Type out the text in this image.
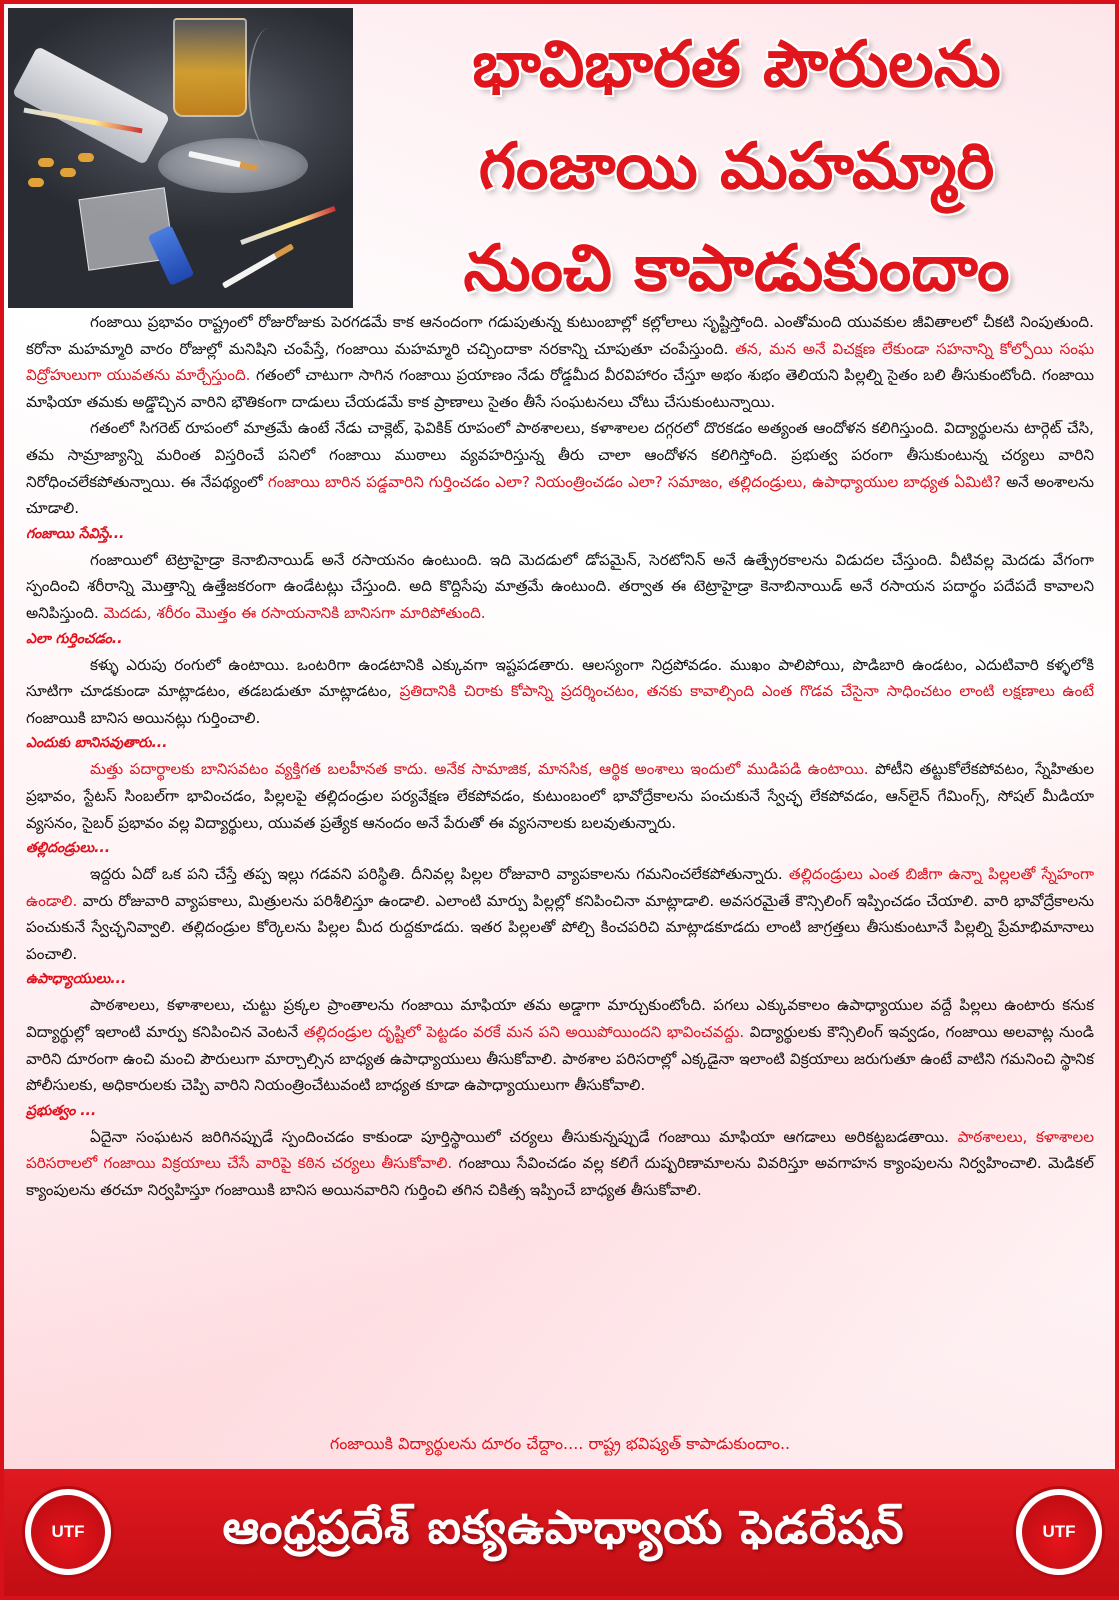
భావిభారత పౌరులను
గంజాయి మహమ్మారి
నుంచి కాపాడుకుందాం

గంజాయి ప్రభావం రాష్ట్రంలో రోజురోజుకు పెరగడమే కాక ఆనందంగా గడుపుతున్న కుటుంబాల్లో కల్లోలాలు సృష్టిస్తోంది. ఎంతోమంది యువకుల జీవితాలలో చీకటి నింపుతుంది. కరోనా మహమ్మారి వారం రోజుల్లో మనిషిని చంపేస్తే, గంజాయి మహమ్మారి చచ్చిందాకా నరకాన్ని చూపుతూ చంపేస్తుంది. తన, మన అనే విచక్షణ లేకుండా సహనాన్ని కోల్పోయి సంఘ విద్రోహులుగా యువతను మార్చేస్తుంది. గతంలో చాటుగా సాగిన గంజాయి ప్రయాణం నేడు రోడ్డమీద వీరవిహారం చేస్తూ అభం శుభం తెలియని పిల్లల్ని సైతం బలి తీసుకుంటోంది. గంజాయి మాఫియా తమకు అడ్డొచ్చిన వారిని భౌతికంగా దాడులు చేయడమే కాక ప్రాణాలు సైతం తీసే సంఘటనలు చోటు చేసుకుంటున్నాయి.

గతంలో సిగరెట్ రూపంలో మాత్రమే ఉంటే నేడు చాక్లెట్, ఫెవికిక్ రూపంలో పాఠశాలలు, కళాశాలల దగ్గరలో దొరకడం అత్యంత ఆందోళన కలిగిస్తుంది. విద్యార్థులను టార్గెట్ చేసి, తమ సామ్రాజ్యాన్ని మరింత విస్తరించే పనిలో గంజాయి ముఠాలు వ్యవహరిస్తున్న తీరు చాలా ఆందోళన కలిగిస్తోంది. ప్రభుత్వ పరంగా తీసుకుంటున్న చర్యలు వారిని నిరోధించలేకపోతున్నాయి. ఈ నేపథ్యంలో గంజాయి బారిన పడ్డవారిని గుర్తించడం ఎలా? నియంత్రించడం ఎలా? సమాజం, తల్లిదండ్రులు, ఉపాధ్యాయుల బాధ్యత ఏమిటి? అనే అంశాలను చూడాలి.

గంజాయి సేవిస్తే...

గంజాయిలో టెట్రాహైడ్రా కెనాబినాయిడ్ అనే రసాయనం ఉంటుంది. ఇది మెదడులో డోపమైన్, సెరటోనిన్ అనే ఉత్ప్రేరకాలను విడుదల చేస్తుంది. వీటివల్ల మెదడు వేగంగా స్పందించి శరీరాన్ని మొత్తాన్ని ఉత్తేజకరంగా ఉండేటట్లు చేస్తుంది. అది కొద్దిసేపు మాత్రమే ఉంటుంది. తర్వాత ఈ టెట్రాహైడ్రా కెనాబినాయిడ్ అనే రసాయన పదార్థం పదేపదే కావాలని అనిపిస్తుంది. మెదడు, శరీరం మొత్తం ఈ రసాయనానికి బానిసగా మారిపోతుంది.

ఎలా గుర్తించడం..

కళ్ళు ఎరుపు రంగులో ఉంటాయి. ఒంటరిగా ఉండటానికి ఎక్కువగా ఇష్టపడతారు. ఆలస్యంగా నిద్రపోవడం. ముఖం పాలిపోయి, పొడిబారి ఉండటం, ఎదుటివారి కళ్ళలోకి సూటిగా చూడకుండా మాట్లాడటం, తడబడుతూ మాట్లాడటం, ప్రతిదానికి చిరాకు కోపాన్ని ప్రదర్శించటం, తనకు కావాల్సింది ఎంత గొడవ చేసైనా సాధించటం లాంటి లక్షణాలు ఉంటే గంజాయికి బానిస అయినట్లు గుర్తించాలి.

ఎందుకు బానిసవుతారు...

మత్తు పదార్థాలకు బానిసవటం వ్యక్తిగత బలహీనత కాదు. అనేక సామాజిక, మానసిక, ఆర్థిక అంశాలు ఇందులో ముడిపడి ఉంటాయి. పోటీని తట్టుకోలేకపోవటం, స్నేహితుల ప్రభావం, స్టేటస్ సింబల్‌గా భావించడం, పిల్లలపై తల్లిదండ్రుల పర్యవేక్షణ లేకపోవడం, కుటుంబంలో భావోద్రేకాలను పంచుకునే స్వేచ్ఛ లేకపోవడం, ఆన్‌లైన్ గేమింగ్స్, సోషల్ మీడియా వ్యసనం, సైబర్ ప్రభావం వల్ల విద్యార్థులు, యువత ప్రత్యేక ఆనందం అనే పేరుతో ఈ వ్యసనాలకు బలవుతున్నారు.

తల్లిదండ్రులు...

ఇద్దరు ఏదో ఒక పని చేస్తే తప్ప ఇల్లు గడవని పరిస్థితి. దీనివల్ల పిల్లల రోజువారి వ్యాపకాలను గమనించలేకపోతున్నారు. తల్లిదండ్రులు ఎంత బిజీగా ఉన్నా పిల్లలతో స్నేహంగా ఉండాలి. వారు రోజువారి వ్యాపకాలు, మిత్రులను పరిశీలిస్తూ ఉండాలి. ఎలాంటి మార్పు పిల్లల్లో కనిపించినా మాట్లాడాలి. అవసరమైతే కౌన్సిలింగ్ ఇప్పించడం చేయాలి. వారి భావోద్రేకాలను పంచుకునే స్వేచ్ఛనివ్వాలి. తల్లిదండ్రుల కోర్కెలను పిల్లల మీద రుద్దకూడదు. ఇతర పిల్లలతో పోల్చి కించపరిచి మాట్లాడకూడదు లాంటి జాగ్రత్తలు తీసుకుంటూనే పిల్లల్ని ప్రేమాభిమానాలు పంచాలి.

ఉపాధ్యాయులు...

పాఠశాలలు, కళాశాలలు, చుట్టు ప్రక్కల ప్రాంతాలను గంజాయి మాఫియా తమ అడ్డాగా మార్చుకుంటోంది. పగలు ఎక్కువకాలం ఉపాధ్యాయుల వద్దే పిల్లలు ఉంటారు కనుక విద్యార్థుల్లో ఇలాంటి మార్పు కనిపించిన వెంటనే తల్లిదండ్రుల దృష్టిలో పెట్టడం వరకే మన పని అయిపోయిందని భావించవద్దు. విద్యార్థులకు కౌన్సిలింగ్ ఇవ్వడం, గంజాయి అలవాట్ల నుండి వారిని దూరంగా ఉంచి మంచి పౌరులుగా మార్చాల్సిన బాధ్యత ఉపాధ్యాయులు తీసుకోవాలి. పాఠశాల పరిసరాల్లో ఎక్కడైనా ఇలాంటి విక్రయాలు జరుగుతూ ఉంటే వాటిని గమనించి స్థానిక పోలీసులకు, అధికారులకు చెప్పి వారిని నియంత్రించేటువంటి బాధ్యత కూడా ఉపాధ్యాయులుగా తీసుకోవాలి.

ప్రభుత్వం ...

ఏదైనా సంఘటన జరిగినప్పుడే స్పందించడం కాకుండా పూర్తిస్థాయిలో చర్యలు తీసుకున్నప్పుడే గంజాయి మాఫియా ఆగడాలు అరికట్టబడతాయి. పాఠశాలలు, కళాశాలల పరిసరాలలో గంజాయి విక్రయాలు చేసే వారిపై కఠిన చర్యలు తీసుకోవాలి. గంజాయి సేవించడం వల్ల కలిగే దుష్పరిణామాలను వివరిస్తూ అవగాహన క్యాంపులను నిర్వహించాలి. మెడికల్ క్యాంపులను తరచూ నిర్వహిస్తూ గంజాయికి బానిస అయినవారిని గుర్తించి తగిన చికిత్స ఇప్పించే బాధ్యత తీసుకోవాలి.

గంజాయికి విద్యార్థులను దూరం చేద్దాం.... రాష్ట్ర భవిష్యత్ కాపాడుకుందాం..
UTF	ఆంధ్రప్రదేశ్ ఐక్యఉపాధ్యాయ ఫెడరేషన్	UTF
